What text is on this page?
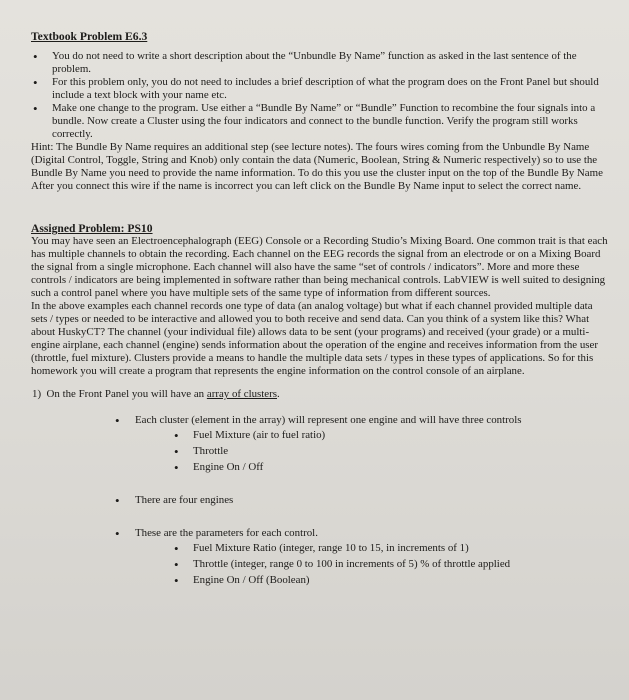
Textbook Problem E6.3

• You do not need to write a short description about the “Unbundle By Name” function as asked in the last sentence of the problem.
• For this problem only, you do not need to includes a brief description of what the program does on the Front Panel but should include a text block with your name etc.
• Make one change to the program. Use either a “Bundle By Name” or “Bundle” Function to recombine the four signals into a bundle. Now create a Cluster using the four indicators and connect to the bundle function. Verify the program still works correctly.

Hint: The Bundle By Name requires an additional step (see lecture notes). The fours wires coming from the Unbundle By Name (Digital Control, Toggle, String and Knob) only contain the data (Numeric, Boolean, String & Numeric respectively) so to use the Bundle By Name you need to provide the name information. To do this you use the cluster input on the top of the Bundle By Name After you connect this wire if the name is incorrect you can left click on the Bundle By Name input to select the correct name.

Assigned Problem: PS10

You may have seen an Electroencephalograph (EEG) Console or a Recording Studio’s Mixing Board. One common trait is that each has multiple channels to obtain the recording. Each channel on the EEG records the signal from an electrode or on a Mixing Board the signal from a single microphone. Each channel will also have the same “set of controls / indicators”. More and more these controls / indicators are being implemented in software rather than being mechanical controls. LabVIEW is well suited to designing such a control panel where you have multiple sets of the same type of information from different sources.

In the above examples each channel records one type of data (an analog voltage) but what if each channel provided multiple data sets / types or needed to be interactive and allowed you to both receive and send data. Can you think of a system like this? What about HuskyCT? The channel (your individual file) allows data to be sent (your programs) and received (your grade) or a multi-engine airplane, each channel (engine) sends information about the operation of the engine and receives information from the user (throttle, fuel mixture). Clusters provide a means to handle the multiple data sets / types in these types of applications. So for this homework you will create a program that represents the engine information on the control console of an airplane.

1) On the Front Panel you will have an array of clusters.
• Each cluster (element in the array) will represent one engine and will have three controls
• Fuel Mixture (air to fuel ratio)
• Throttle
• Engine On / Off
• There are four engines
• These are the parameters for each control.
• Fuel Mixture Ratio (integer, range 10 to 15, in increments of 1)
• Throttle (integer, range 0 to 100 in increments of 5) % of throttle applied
• Engine On / Off (Boolean)
